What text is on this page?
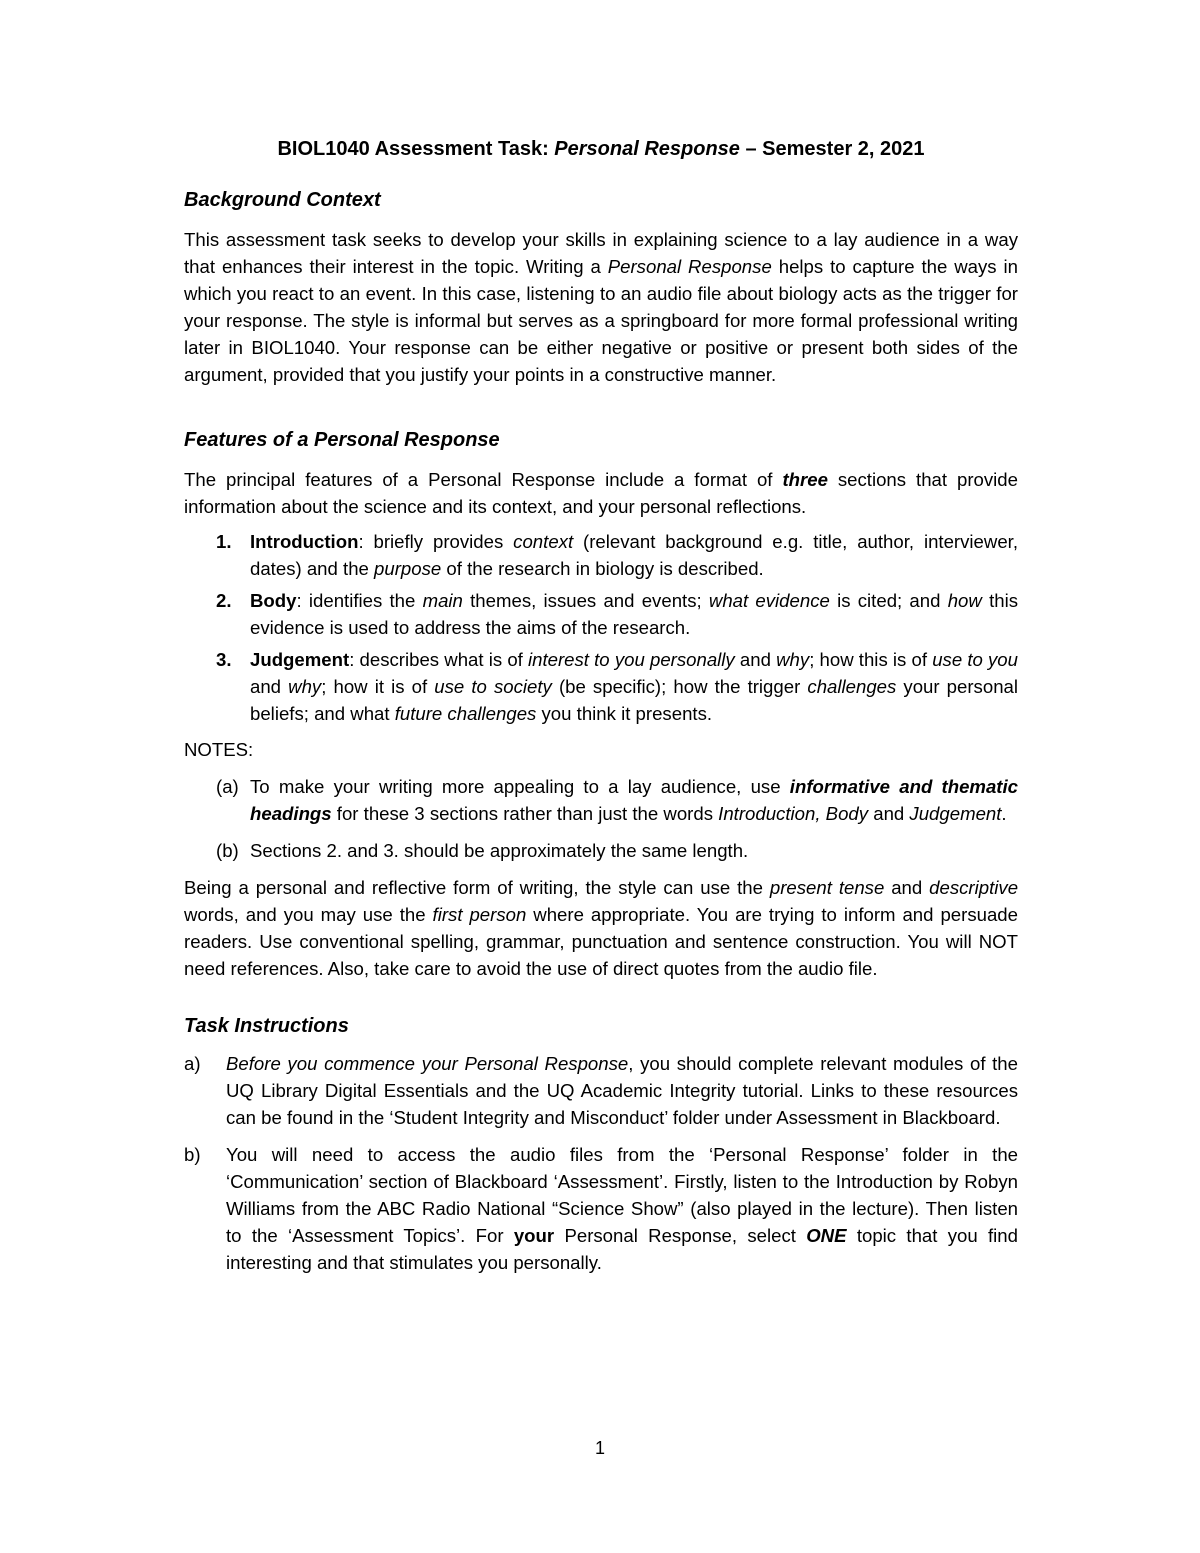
BIOL1040 Assessment Task: Personal Response – Semester 2, 2021
Background Context

This assessment task seeks to develop your skills in explaining science to a lay audience in a way that enhances their interest in the topic. Writing a Personal Response helps to capture the ways in which you react to an event. In this case, listening to an audio file about biology acts as the trigger for your response. The style is informal but serves as a springboard for more formal professional writing later in BIOL1040. Your response can be either negative or positive or present both sides of the argument, provided that you justify your points in a constructive manner.

Features of a Personal Response

The principal features of a Personal Response include a format of three sections that provide information about the science and its context, and your personal reflections.

1. Introduction: briefly provides context (relevant background e.g. title, author, interviewer, dates) and the purpose of the research in biology is described.
2. Body: identifies the main themes, issues and events; what evidence is cited; and how this evidence is used to address the aims of the research.
3. Judgement: describes what is of interest to you personally and why; how this is of use to you and why; how it is of use to society (be specific); how the trigger challenges your personal beliefs; and what future challenges you think it presents.

NOTES:

(a) To make your writing more appealing to a lay audience, use informative and thematic headings for these 3 sections rather than just the words Introduction, Body and Judgement.
(b) Sections 2. and 3. should be approximately the same length.

Being a personal and reflective form of writing, the style can use the present tense and descriptive words, and you may use the first person where appropriate. You are trying to inform and persuade readers. Use conventional spelling, grammar, punctuation and sentence construction. You will NOT need references. Also, take care to avoid the use of direct quotes from the audio file.

Task Instructions
a) Before you commence your Personal Response, you should complete relevant modules of the UQ Library Digital Essentials and the UQ Academic Integrity tutorial. Links to these resources can be found in the ‘Student Integrity and Misconduct’ folder under Assessment in Blackboard.
b) You will need to access the audio files from the ‘Personal Response’ folder in the ‘Communication’ section of Blackboard ‘Assessment’. Firstly, listen to the Introduction by Robyn Williams from the ABC Radio National “Science Show” (also played in the lecture). Then listen to the ‘Assessment Topics’. For your Personal Response, select ONE topic that you find interesting and that stimulates you personally.
1
